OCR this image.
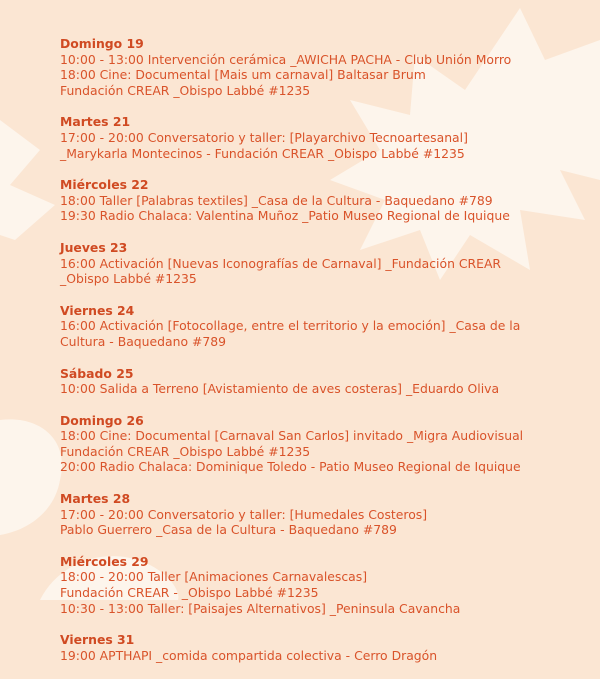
Domingo 19
10:00 - 13:00 Intervención cerámica _AWICHA PACHA - Club Unión Morro
18:00 Cine: Documental [Mais um carnaval] Baltasar Brum
Fundación CREAR _Obispo Labbé #1235
Martes 21
17:00 - 20:00 Conversatorio y taller: [Playarchivo Tecnoartesanal]
_Marykarla Montecinos - Fundación CREAR _Obispo Labbé #1235
Miércoles 22
18:00 Taller [Palabras textiles] _Casa de la Cultura - Baquedano #789
19:30 Radio Chalaca: Valentina Muñoz _Patio Museo Regional de Iquique
Jueves 23
16:00 Activación [Nuevas Iconografías de Carnaval] _Fundación CREAR
_Obispo Labbé #1235
Viernes 24
16:00 Activación [Fotocollage, entre el territorio y la emoción] _Casa de la
Cultura - Baquedano #789
Sábado 25
10:00 Salida a Terreno [Avistamiento de aves costeras] _Eduardo Oliva
Domingo 26
18:00 Cine: Documental [Carnaval San Carlos] invitado _Migra Audiovisual
Fundación CREAR _Obispo Labbé #1235
20:00 Radio Chalaca: Dominique Toledo - Patio Museo Regional de Iquique
Martes 28
17:00 - 20:00 Conversatorio y taller: [Humedales Costeros]
Pablo Guerrero _Casa de la Cultura - Baquedano #789
Miércoles 29
18:00 - 20:00 Taller [Animaciones Carnavalescas]
Fundación CREAR - _Obispo Labbé #1235
10:30 - 13:00 Taller: [Paisajes Alternativos] _Peninsula Cavancha
Viernes 31
19:00 APTHAPI _comida compartida colectiva - Cerro Dragón
